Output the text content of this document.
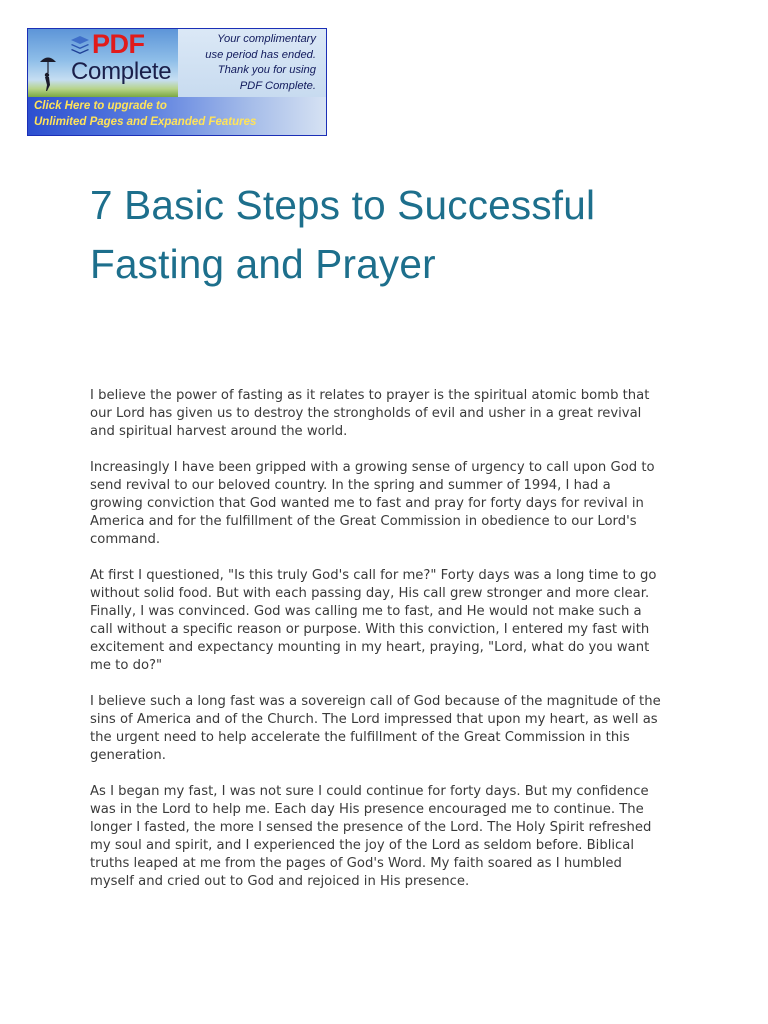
PDF
Complete
Your complimentary
use period has ended.
Thank you for using
PDF Complete.
Click Here to upgrade to
Unlimited Pages and Expanded Features
7 Basic Steps to Successful
Fasting and Prayer

I believe the power of fasting as it relates to prayer is the spiritual atomic bomb that
our Lord has given us to destroy the strongholds of evil and usher in a great revival
and spiritual harvest around the world.

Increasingly I have been gripped with a growing sense of urgency to call upon God to
send revival to our beloved country. In the spring and summer of 1994, I had a
growing conviction that God wanted me to fast and pray for forty days for revival in
America and for the fulfillment of the Great Commission in obedience to our Lord's
command.

At first I questioned, "Is this truly God's call for me?" Forty days was a long time to go
without solid food. But with each passing day, His call grew stronger and more clear.
Finally, I was convinced. God was calling me to fast, and He would not make such a
call without a specific reason or purpose. With this conviction, I entered my fast with
excitement and expectancy mounting in my heart, praying, "Lord, what do you want
me to do?"

I believe such a long fast was a sovereign call of God because of the magnitude of the
sins of America and of the Church. The Lord impressed that upon my heart, as well as
the urgent need to help accelerate the fulfillment of the Great Commission in this
generation.

As I began my fast, I was not sure I could continue for forty days. But my confidence
was in the Lord to help me. Each day His presence encouraged me to continue. The
longer I fasted, the more I sensed the presence of the Lord. The Holy Spirit refreshed
my soul and spirit, and I experienced the joy of the Lord as seldom before. Biblical
truths leaped at me from the pages of God's Word. My faith soared as I humbled
myself and cried out to God and rejoiced in His presence.
